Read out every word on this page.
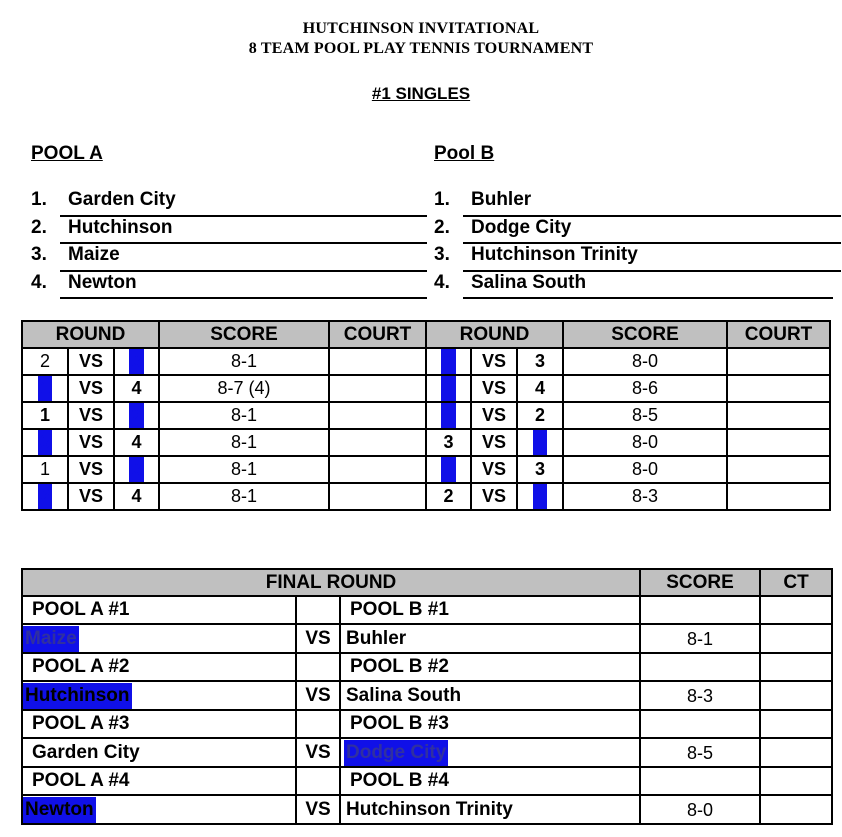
HUTCHINSON INVITATIONAL
8 TEAM POOL PLAY TENNIS TOURNAMENT
#1 SINGLES
POOL A
1. Garden City
2. Hutchinson
3. Maize
4. Newton
Pool B
1. Buhler
2. Dodge City
3. Hutchinson Trinity
4. Salina South
ROUND			SCORE	COURT	ROUND			SCORE	COURT
2	VS	3	8-1		2	VS	3	8-0	
1	VS	4	8-7 (4)		1	VS	4	8-6	
1	VS	2	8-1		1	VS	2	8-5	
3	VS	4	8-1		3	VS	4	8-0	
1	VS	3	8-1		1	VS	3	8-0	
2	VS	4	8-1		2	VS	4	8-3	
FINAL ROUND			SCORE	CT
POOL A #1		POOL B #1		
Maize	VS	Buhler	8-1	
POOL A #2		POOL B #2		
Hutchinson	VS	Salina South	8-3	
POOL A #3		POOL B #3		
Garden City	VS	Dodge City	8-5	
POOL A #4		POOL B #4		
Newton	VS	Hutchinson Trinity	8-0	
